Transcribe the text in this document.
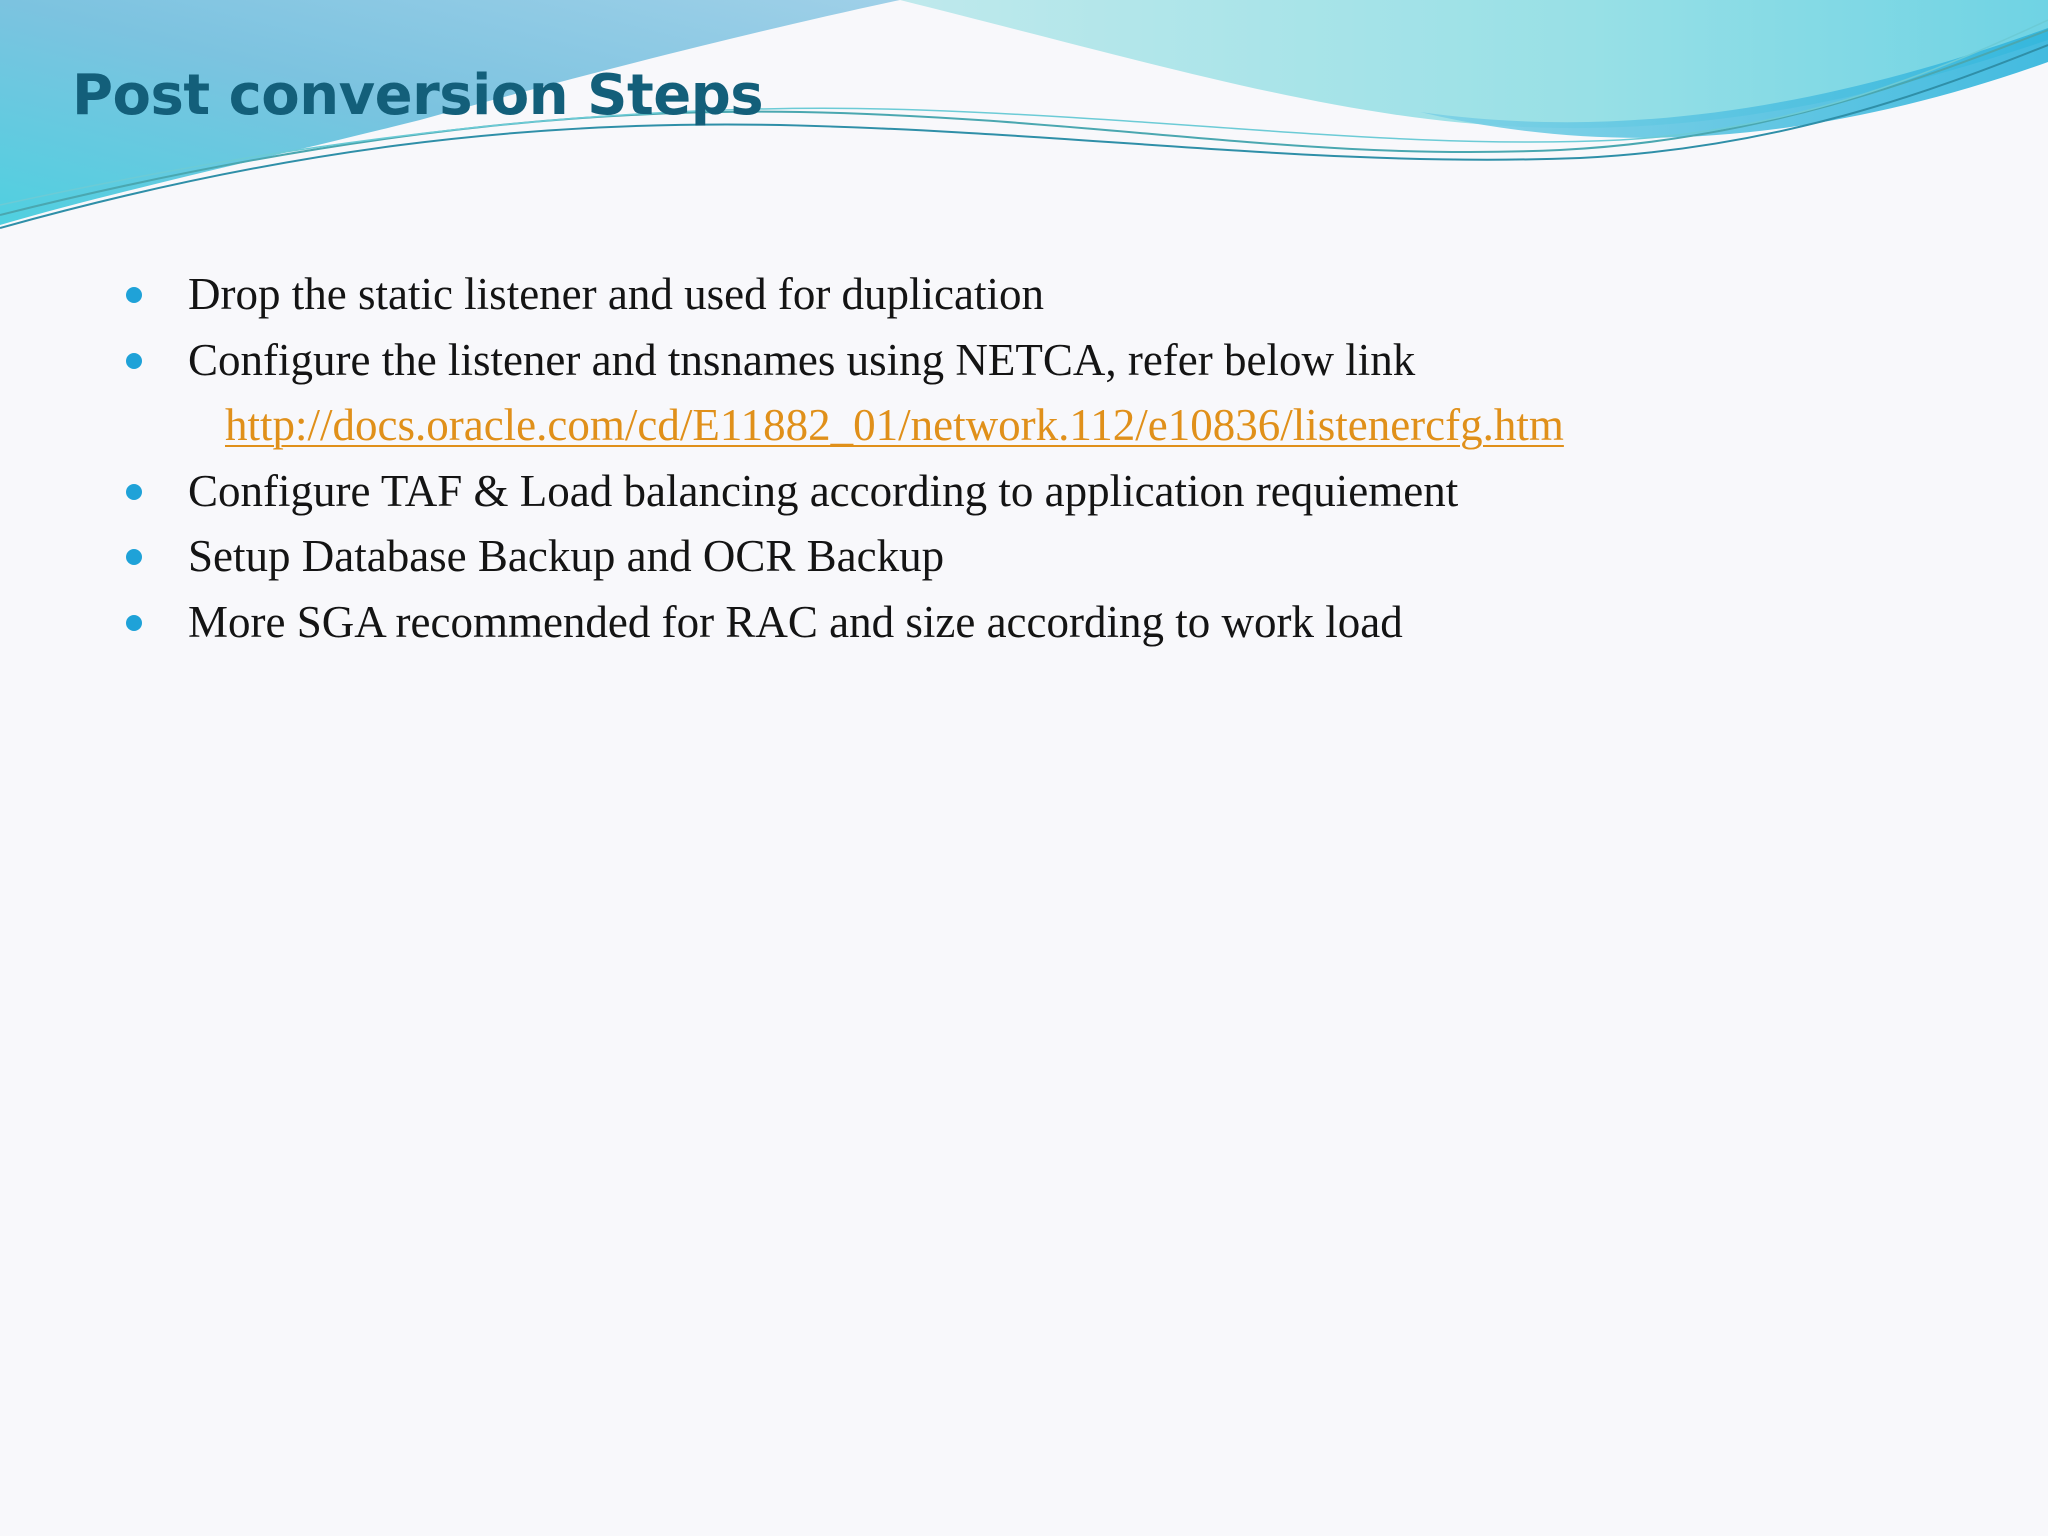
Post conversion Steps
Drop the static listener and used for duplication
Configure the listener and tnsnames using NETCA, refer below link
http://docs.oracle.com/cd/E11882_01/network.112/e10836/listenercfg.htm
Configure TAF & Load balancing according to application requiement
Setup Database Backup and OCR Backup
More SGA recommended for RAC and size according to work load
